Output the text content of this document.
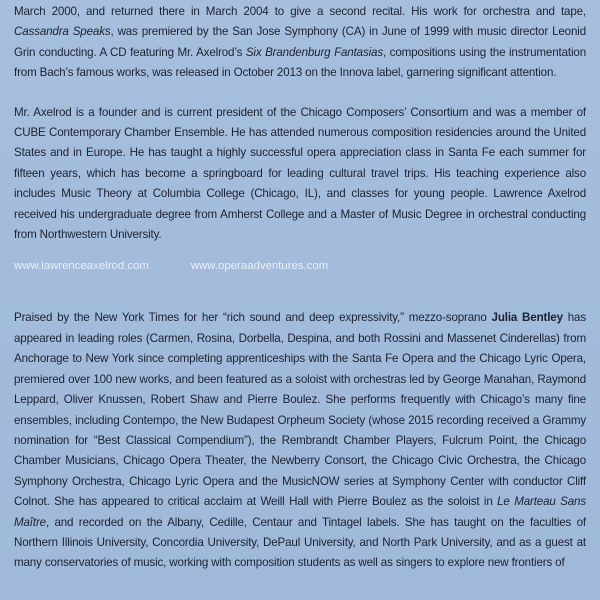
March 2000, and returned there in March 2004 to give a second recital. His work for orchestra and tape, Cassandra Speaks, was premiered by the San Jose Symphony (CA) in June of 1999 with music director Leonid Grin conducting. A CD featuring Mr. Axelrod’s Six Brandenburg Fantasias, compositions using the instrumentation from Bach’s famous works, was released in October 2013 on the Innova label, garnering significant attention.

Mr. Axelrod is a founder and is current president of the Chicago Composers’ Consortium and was a member of CUBE Contemporary Chamber Ensemble. He has attended numerous composition residencies around the United States and in Europe. He has taught a highly successful opera appreciation class in Santa Fe each summer for fifteen years, which has become a springboard for leading cultural travel trips. His teaching experience also includes Music Theory at Columbia College (Chicago, IL), and classes for young people. Lawrence Axelrod received his undergraduate degree from Amherst College and a Master of Music Degree in orchestral conducting from Northwestern University.

www.lawrenceaxelrod.com	www.operaadventures.com

Praised by the New York Times for her “rich sound and deep expressivity,” mezzo-soprano Julia Bentley has appeared in leading roles (Carmen, Rosina, Dorbella, Despina, and both Rossini and Massenet Cinderellas) from Anchorage to New York since completing apprenticeships with the Santa Fe Opera and the Chicago Lyric Opera, premiered over 100 new works, and been featured as a soloist with orchestras led by George Manahan, Raymond Leppard, Oliver Knussen, Robert Shaw and Pierre Boulez. She performs frequently with Chicago’s many fine ensembles, including Contempo, the New Budapest Orpheum Society (whose 2015 recording received a Grammy nomination for “Best Classical Compendium”), the Rembrandt Chamber Players, Fulcrum Point, the Chicago Chamber Musicians, Chicago Opera Theater, the Newberry Consort, the Chicago Civic Orchestra, the Chicago Symphony Orchestra, Chicago Lyric Opera and the MusicNOW series at Symphony Center with conductor Cliff Colnot. She has appeared to critical acclaim at Weill Hall with Pierre Boulez as the soloist in Le Marteau Sans Maître, and recorded on the Albany, Cedille, Centaur and Tintagel labels. She has taught on the faculties of Northern Illinois University, Concordia University, DePaul University, and North Park University, and as a guest at many conservatories of music, working with composition students as well as singers to explore new frontiers of
